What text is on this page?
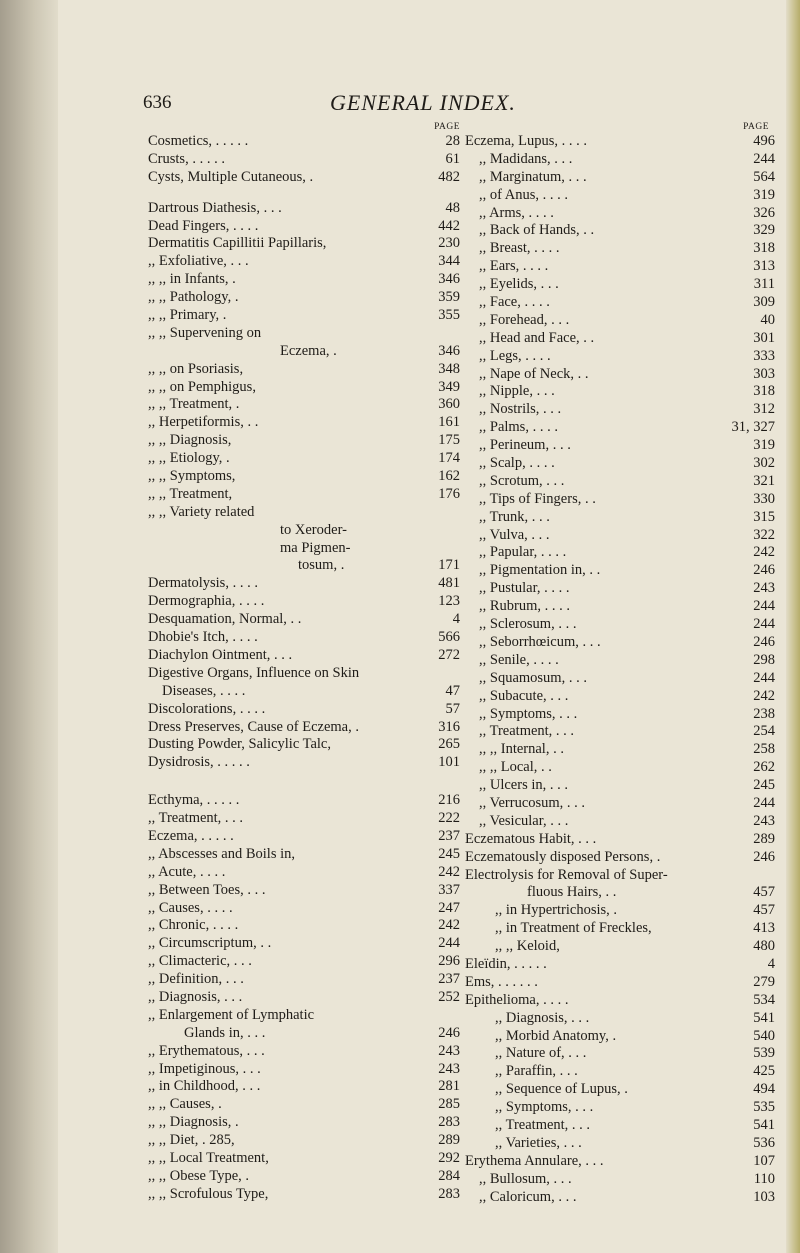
636	GENERAL INDEX.
PAGE
Cosmetics, . . . . .	28
Crusts, . . . . .	61
Cysts, Multiple Cutaneous, .	482
Dartrous Diathesis, . . .	48
Dead Fingers, . . . .	442
Dermatitis Capillitii Papillaris,	230
,, Exfoliative, . . .	344
,, ,, in Infants, .	346
,, ,, Pathology, .	359
,, ,, Primary, .	355
,, ,, Supervening on
Eczema, .	346
,, ,, on Psoriasis,	348
,, ,, on Pemphigus,	349
,, ,, Treatment, .	360
,, Herpetiformis, . .	161
,, ,, Diagnosis,	175
,, ,, Etiology, .	174
,, ,, Symptoms,	162
,, ,, Treatment,	176
,, ,, Variety related
to Xeroder-
ma Pigmen-
tosum, .	171
Dermatolysis, . . . .	481
Dermographia, . . . .	123
Desquamation, Normal, . .	4
Dhobie's Itch, . . . .	566
Diachylon Ointment, . . .	272
Digestive Organs, Influence on Skin
Diseases, . . . .	47
Discolorations, . . . .	57
Dress Preserves, Cause of Eczema, .	316
Dusting Powder, Salicylic Talc,	265
Dysidrosis, . . . . .	101
Ecthyma, . . . . .	216
,, Treatment, . . .	222
Eczema, . . . . .	237
,, Abscesses and Boils in,	245
,, Acute, . . . .	242
,, Between Toes, . . .	337
,, Causes, . . . .	247
,, Chronic, . . . .	242
,, Circumscriptum, . .	244
,, Climacteric, . . .	296
,, Definition, . . .	237
,, Diagnosis, . . .	252
,, Enlargement of Lymphatic
Glands in, . . .	246
,, Erythematous, . . .	243
,, Impetiginous, . . .	243
,, in Childhood, . . .	281
,, ,, Causes, .	285
,, ,, Diagnosis, .	283
,, ,, Diet, . 285,	289
,, ,, Local Treatment,	292
,, ,, Obese Type, .	284
,, ,, Scrofulous Type,	283
PAGE
Eczema, Lupus, . . . .	496
,, Madidans, . . .	244
,, Marginatum, . . .	564
,, of Anus, . . . .	319
,, Arms, . . . .	326
,, Back of Hands, . .	329
,, Breast, . . . .	318
,, Ears, . . . .	313
,, Eyelids, . . .	311
,, Face, . . . .	309
,, Forehead, . . .	40
,, Head and Face, . .	301
,, Legs, . . . .	333
,, Nape of Neck, . .	303
,, Nipple, . . .	318
,, Nostrils, . . .	312
,, Palms, . . . .	31, 327
,, Perineum, . . .	319
,, Scalp, . . . .	302
,, Scrotum, . . .	321
,, Tips of Fingers, . .	330
,, Trunk, . . .	315
,, Vulva, . . .	322
,, Papular, . . . .	242
,, Pigmentation in, . .	246
,, Pustular, . . . .	243
,, Rubrum, . . . .	244
,, Sclerosum, . . .	244
,, Seborrhœicum, . . .	246
,, Senile, . . . .	298
,, Squamosum, . . .	244
,, Subacute, . . .	242
,, Symptoms, . . .	238
,, Treatment, . . .	254
,, ,, Internal, . .	258
,, ,, Local, . .	262
,, Ulcers in, . . .	245
,, Verrucosum, . . .	244
,, Vesicular, . . .	243
Eczematous Habit, . . .	289
Eczematously disposed Persons, .	246
Electrolysis for Removal of Super-
fluous Hairs, . .	457
,, in Hypertrichosis, .	457
,, in Treatment of Freckles,	413
,, ,, Keloid,	480
Eleïdin, . . . . .	4
Ems, . . . . . .	279
Epithelioma, . . . .	534
,, Diagnosis, . . .	541
,, Morbid Anatomy, .	540
,, Nature of, . . .	539
,, Paraffin, . . .	425
,, Sequence of Lupus, .	494
,, Symptoms, . . .	535
,, Treatment, . . .	541
,, Varieties, . . .	536
Erythema Annulare, . . .	107
,, Bullosum, . . .	110
,, Caloricum, . . .	103
